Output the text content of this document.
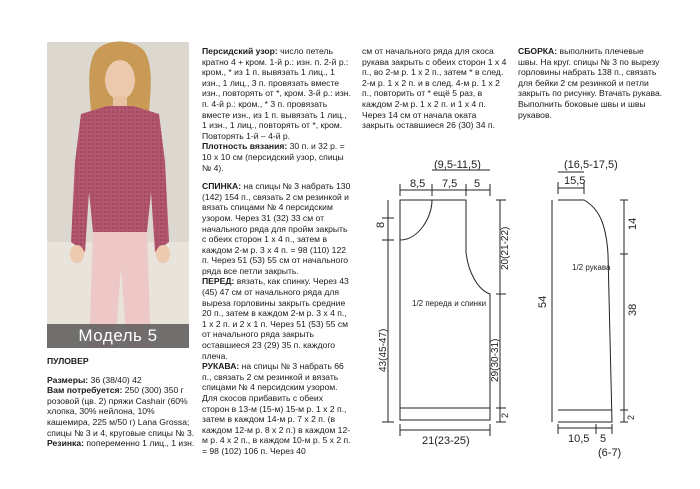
Модель 5

ПУЛОВЕР

Размеры: 36 (38/40) 42

Вам потребуется: 250 (300) 350 г розовой (цв. 2) пряжи Cashair (60% хлопка, 30% нейлона, 10% кашемира, 225 м/50 г) Lana Grossa; спицы № 3 и 4, круговые спицы № 3.

Резинка: попеременно 1 лиц., 1 изн.

Персидский узор: число петель кратно 4 + кром. 1-й р.: изн. п. 2-й р.: кром., * из 1 п. вывязать 1 лиц., 1 изн., 1 лиц., 3 п. провязать вместе изн., повторять от *, кром. 3-й р.: изн. п. 4-й р.: кром., * 3 п. провязать вместе изн., из 1 п. вывязать 1 лиц., 1 изн., 1 лиц., повторять от *, кром. Повторять 1-й – 4-й р.

Плотность вязания: 30 п. и 32 р. = 10 х 10 см (персидский узор, спицы № 4).

СПИНКА: на спицы № 3 набрать 130 (142) 154 п., связать 2 см резинкой и вязать спицами № 4 персидским узором. Через 31 (32) 33 см от начального ряда для пройм закрыть с обеих сторон 1 х 4 п., затем в каждом 2-м р. 3 х 4 п. = 98 (110) 122 п. Через 51 (53) 55 см от начального ряда все петли закрыть.

ПЕРЕД: вязать, как спинку. Через 43 (45) 47 см от начального ряда для выреза горловины закрыть средние 20 п., затем в каждом 2-м р. 3 х 4 п., 1 х 2 п. и 2 х 1 п. Через 51 (53) 55 см от начального ряда закрыть оставшиеся 23 (29) 35 п. каждого плеча.

РУКАВА: на спицы № 3 набрать 66 п., связать 2 см резинкой и вязать спицами № 4 персидским узором. Для скосов прибавить с обеих сторон в 13-м (15-м) 15-м р. 1 х 2 п., затем в каждом 14-м р. 7 х 2 п. (в каждом 12-м р. 8 х 2 п.) в каждом 12-м р. 4 х 2 п., в каждом 10-м р. 5 х 2 п. = 98 (102) 106 п. Через 40

см от начального ряда для скоса рукава закрыть с обеих сторон 1 х 4 п., во 2-м р. 1 х 2 п., затем * в след. 2-м р. 1 х 2 п. и в след. 4-м р. 1 х 2 п., повторить от * ещё 5 раз, в каждом 2-м р. 1 х 2 п. и 1 х 4 п. Через 14 см от начала оката закрыть оставшиеся 26 (30) 34 п.

СБОРКА: выполнить плечевые швы. На круг. спицы № 3 по вырезу горловины набрать 138 п., связать для бейки 2 см резинкой и петли закрыть по рисунку. Втачать рукава. Выполнить боковые швы и швы рукавов.

(9,5-11,5)
8,5 7,5 5
8
20(21-22)
43(45-47)	29(30-31)
2
21(23-25)
1/2 переда и спинки
(16,5-17,5)
15,5
14
54
38
2
10,5 5
(6-7)
1/2 рукава
